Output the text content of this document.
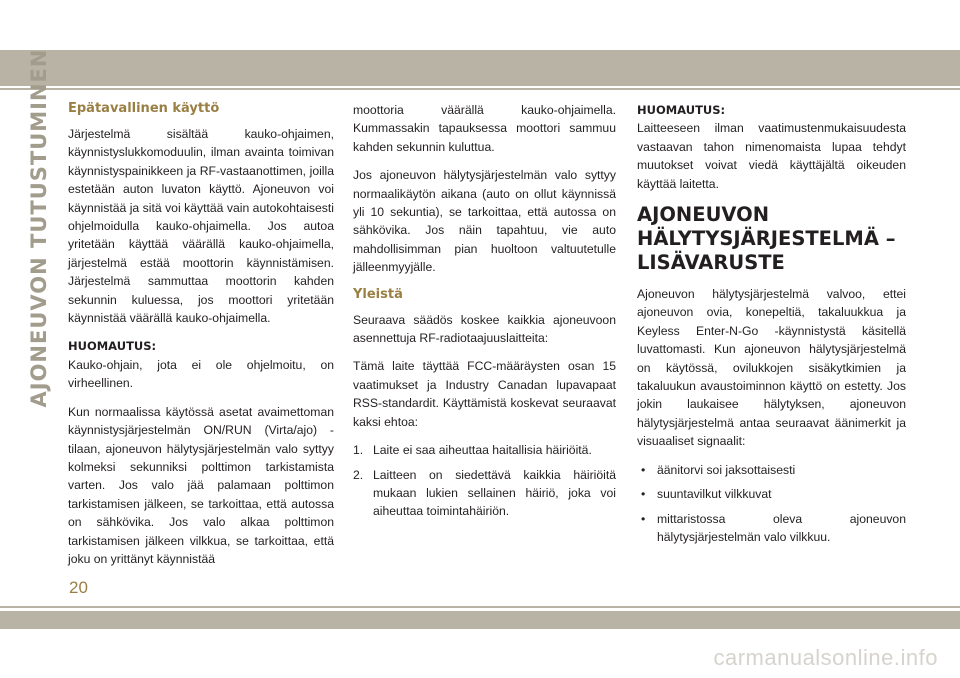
AJONEUVON TUTUSTUMINEN Epätavallinen käyttö

Järjestelmä sisältää kauko-ohjaimen, käynnistyslukkomoduulin, ilman avainta toimivan käynnistyspainikkeen ja RF-vastaanottimen, joilla estetään auton luvaton käyttö. Ajoneuvon voi käynnistää ja sitä voi käyttää vain autokohtaisesti ohjelmoidulla kauko-ohjaimella. Jos autoa yritetään käyttää väärällä kauko-ohjaimella, järjestelmä estää moottorin käynnistämisen. Järjestelmä sammuttaa moottorin kahden sekunnin kuluessa, jos moottori yritetään käynnistää väärällä kauko-ohjaimella.

HUOMAUTUS:

Kauko-ohjain, jota ei ole ohjelmoitu, on virheellinen.

Kun normaalissa käytössä asetat avaimettoman käynnistysjärjestelmän ON/RUN (Virta/ajo) -tilaan, ajoneuvon hälytysjärjestelmän valo syttyy kolmeksi sekunniksi polttimon tarkistamista varten. Jos valo jää palamaan polttimon tarkistamisen jälkeen, se tarkoittaa, että autossa on sähkövika. Jos valo alkaa polttimon tarkistamisen jälkeen vilkkua, se tarkoittaa, että joku on yrittänyt käynnistää

moottoria väärällä kauko-ohjaimella. Kummassakin tapauksessa moottori sammuu kahden sekunnin kuluttua.

Jos ajoneuvon hälytysjärjestelmän valo syttyy normaalikäytön aikana (auto on ollut käynnissä yli 10 sekuntia), se tarkoittaa, että autossa on sähkövika. Jos näin tapahtuu, vie auto mahdollisimman pian huoltoon valtuutetulle jälleenmyyjälle.

Yleistä

Seuraava säädös koskee kaikkia ajoneuvoon asennettuja RF-radiotaajuuslaitteita:

Tämä laite täyttää FCC-määräysten osan 15 vaatimukset ja Industry Canadan lupavapaat RSS-standardit. Käyttämistä koskevat seuraavat kaksi ehtoa:

1. Laite ei saa aiheuttaa haitallisia häiriöitä.
2. Laitteen on siedettävä kaikkia häiriöitä mukaan lukien sellainen häiriö, joka voi aiheuttaa toimintahäiriön.

HUOMAUTUS:

Laitteeseen ilman vaatimustenmukaisuudesta vastaavan tahon nimenomaista lupaa tehdyt muutokset voivat viedä käyttäjältä oikeuden käyttää laitetta.

AJONEUVON
HÄLYTYSJÄRJESTELMÄ –
LISÄVARUSTE

Ajoneuvon hälytysjärjestelmä valvoo, ettei ajoneuvon ovia, konepeltiä, takaluukkua ja Keyless Enter-N-Go -käynnistystä käsitellä luvattomasti. Kun ajoneuvon hälytysjärjestelmä on käytössä, ovilukkojen sisäkytkimien ja takaluukun avaustoiminnon käyttö on estetty. Jos jokin laukaisee hälytyksen, ajoneuvon hälytysjärjestelmä antaa seuraavat äänimerkit ja visuaaliset signaalit:

• äänitorvi soi jaksottaisesti
• suuntavilkut vilkkuvat
• mittaristossa oleva ajoneuvon hälytysjärjestelmän valo vilkkuu.
20
carmanualsonline.info
